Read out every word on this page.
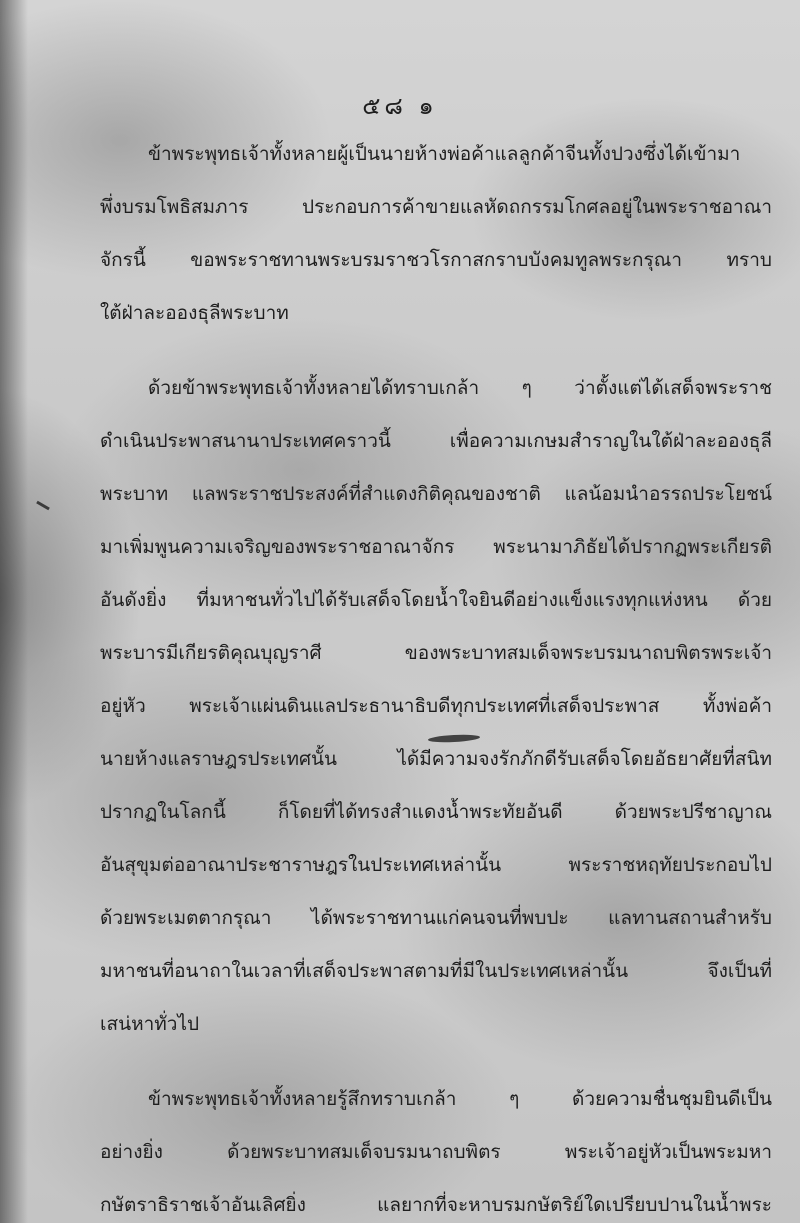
๕๘ ๑
ข้าพระพุทธเจ้าทั้งหลายผู้เป็นนายห้างพ่อค้าแลลูกค้าจีนทั้งปวงซึ่งได้เข้ามา
พึ่งบรมโพธิสมภาร ประกอบการค้าขายแลหัดถกรรมโกศลอยู่ในพระราชอาณา
จักรนี้ ขอพระราชทานพระบรมราชวโรกาสกราบบังคมทูลพระกรุณา ทราบ
ใต้ฝ่าละอองธุลีพระบาท
ด้วยข้าพระพุทธเจ้าทั้งหลายได้ทราบเกล้า ๆ ว่าตั้งแต่ได้เสด็จพระราช
ดำเนินประพาสนานาประเทศคราวนี้ เพื่อความเกษมสำราญในใต้ฝ่าละอองธุลี
พระบาท แลพระราชประสงค์ที่สำแดงกิติคุณของชาติ แลน้อมนำอรรถประโยชน์
มาเพิ่มพูนความเจริญของพระราชอาณาจักร พระนามาภิธัยได้ปรากฏพระเกียรติ
อันดังยิ่ง ที่มหาชนทั่วไปได้รับเสด็จโดยน้ำใจยินดีอย่างแข็งแรงทุกแห่งหน ด้วย
พระบารมีเกียรติคุณบุญราศี ของพระบาทสมเด็จพระบรมนาถบพิตรพระเจ้า
อยู่หัว พระเจ้าแผ่นดินแลประธานาธิบดีทุกประเทศที่เสด็จประพาส ทั้งพ่อค้า
นายห้างแลราษฎรประเทศนั้น ได้มีความจงรักภักดีรับเสด็จโดยอัธยาศัยที่สนิท
ปรากฏในโลกนี้ ก็โดยที่ได้ทรงสำแดงน้ำพระทัยอันดี ด้วยพระปรีชาญาณ
อันสุขุมต่ออาณาประชาราษฎรในประเทศเหล่านั้น พระราชหฤทัยประกอบไป
ด้วยพระเมตตากรุณา ได้พระราชทานแก่คนจนที่พบปะ แลทานสถานสำหรับ
มหาชนที่อนาถาในเวลาที่เสด็จประพาสตามที่มีในประเทศเหล่านั้น จึงเป็นที่
เสน่หาทั่วไป
ข้าพระพุทธเจ้าทั้งหลายรู้สึกทราบเกล้า ๆ ด้วยความชื่นชุมยินดีเป็น
อย่างยิ่ง ด้วยพระบาทสมเด็จบรมนาถบพิตร พระเจ้าอยู่หัวเป็นพระมหา
กษัตราธิราชเจ้าอันเลิศยิ่ง แลยากที่จะหาบรมกษัตริย์ใดเปรียบปานในน้ำพระ
